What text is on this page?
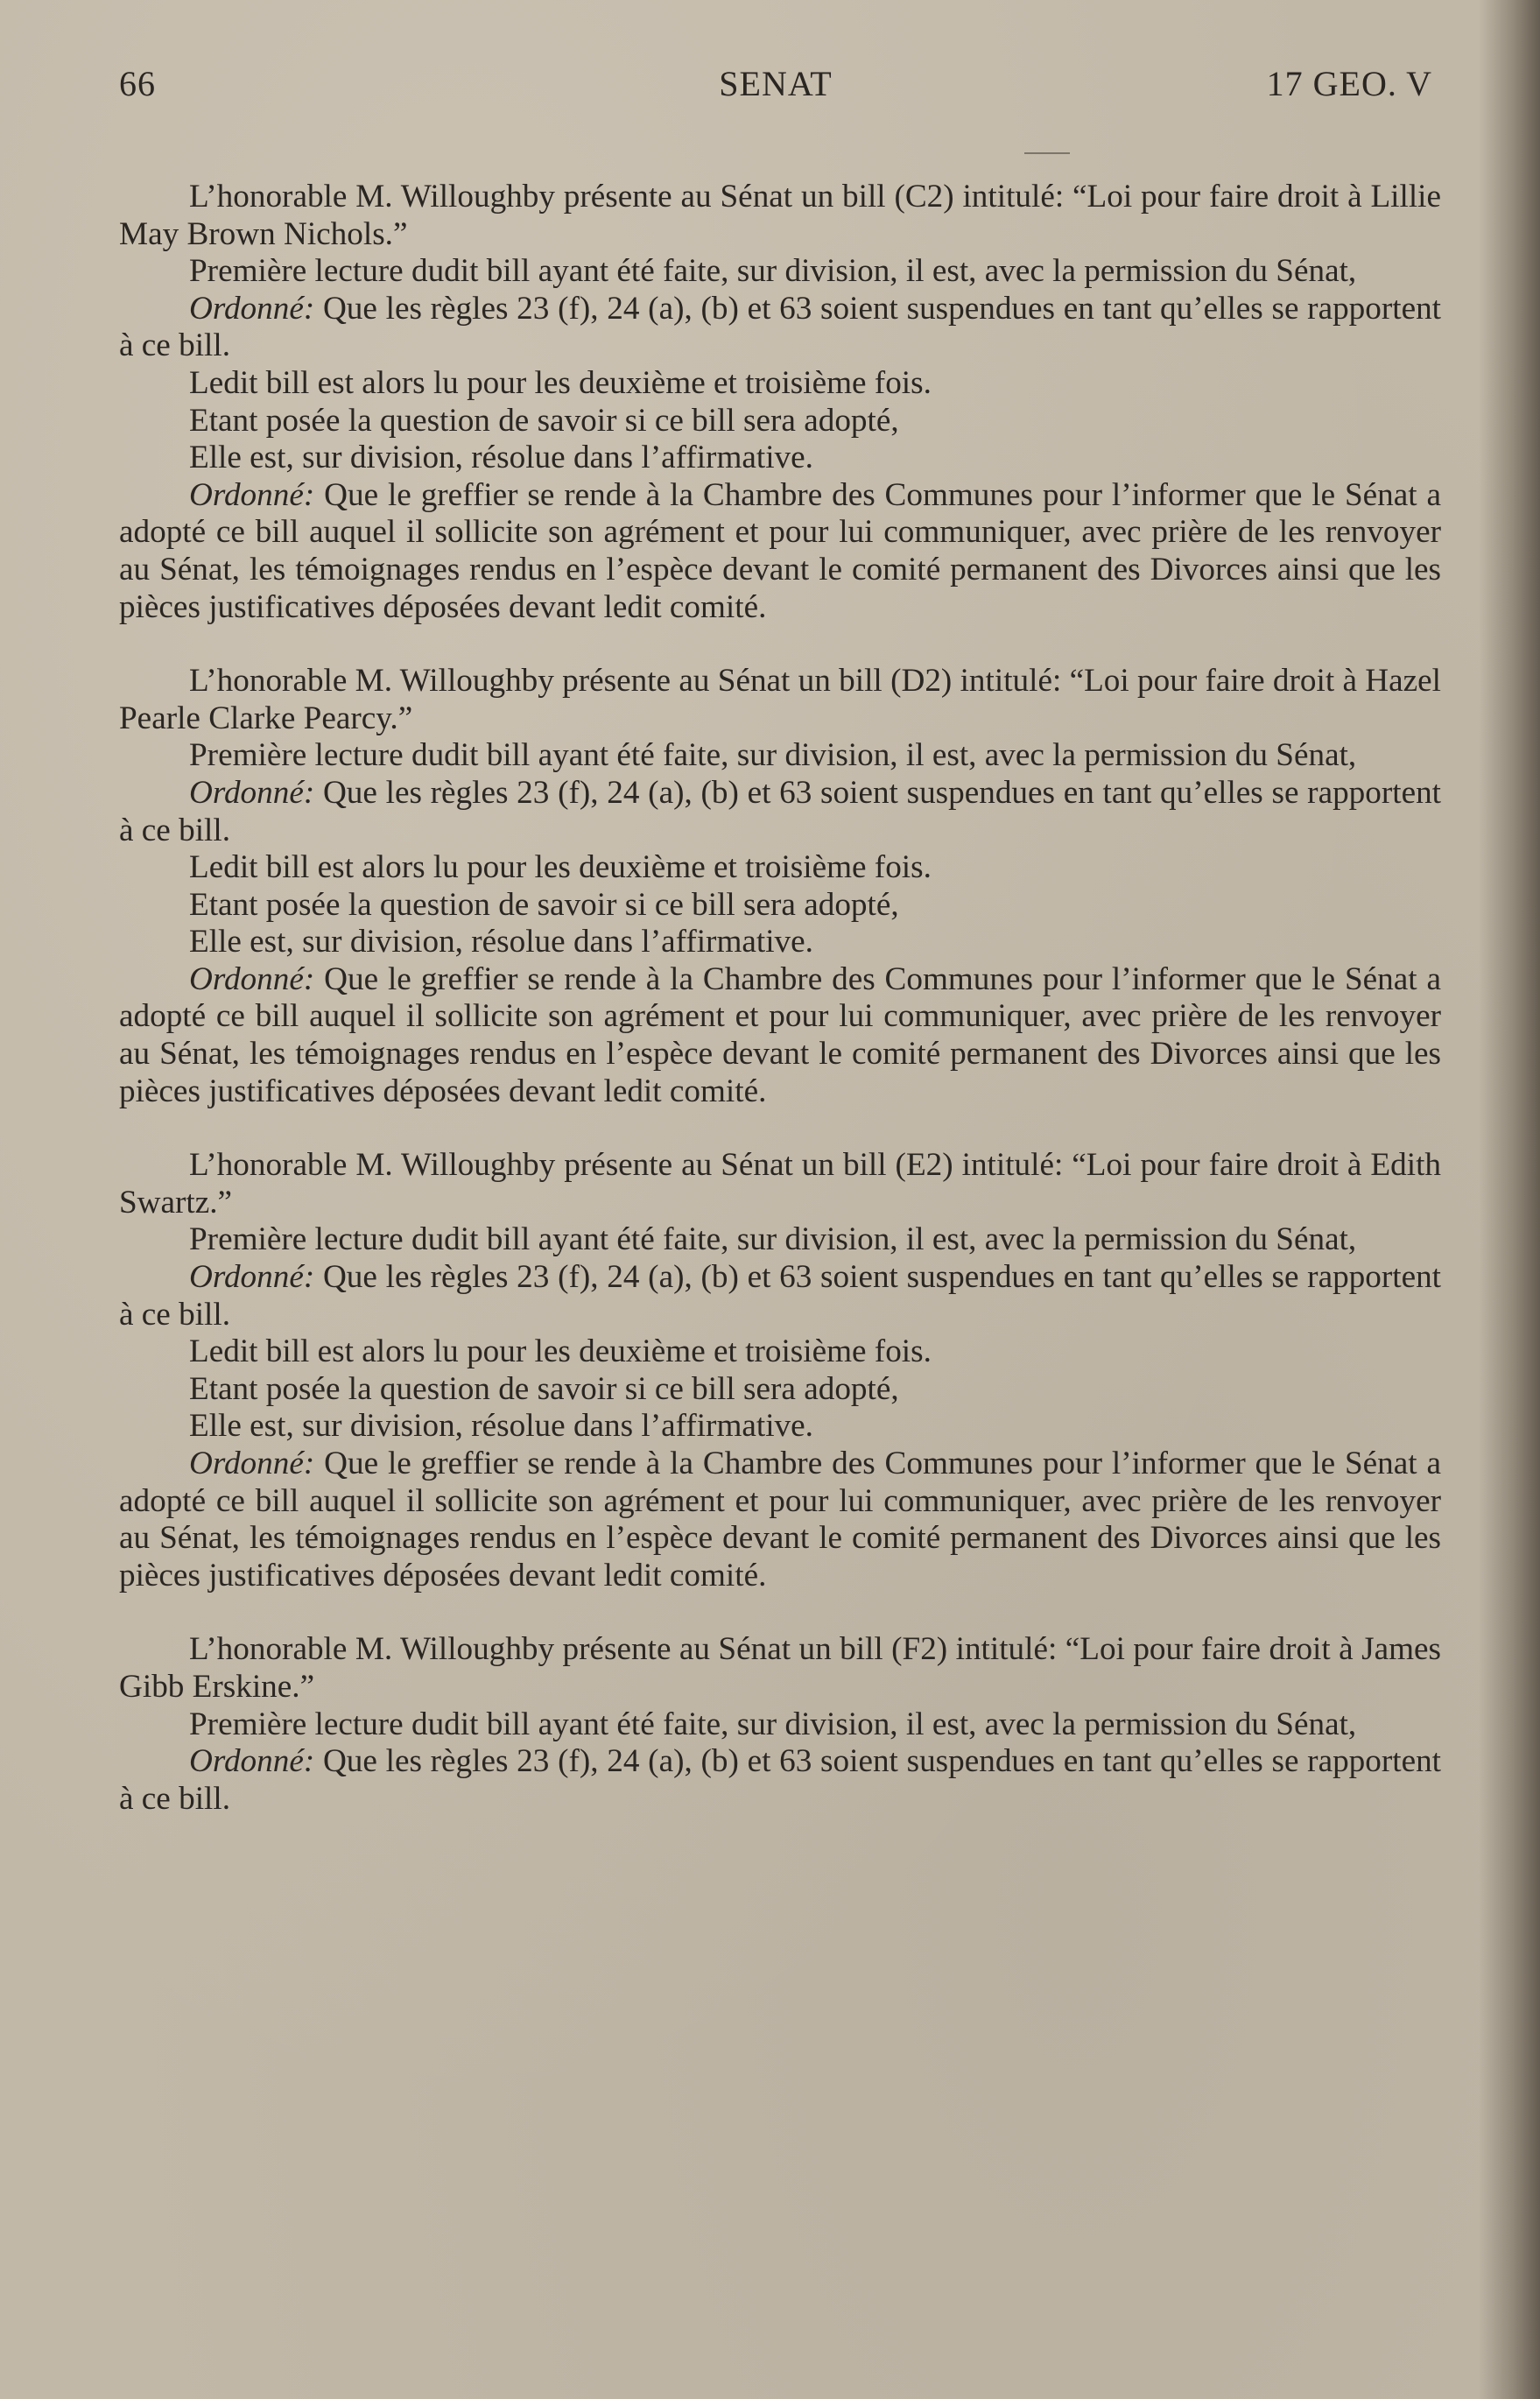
66	SENAT	17 GEO. V

L’honorable M. Willoughby présente au Sénat un bill (C2) intitulé: “Loi pour faire droit à Lillie May Brown Nichols.”

Première lecture dudit bill ayant été faite, sur division, il est, avec la permission du Sénat,

Ordonné: Que les règles 23 (f), 24 (a), (b) et 63 soient suspendues en tant qu’elles se rapportent à ce bill.

Ledit bill est alors lu pour les deuxième et troisième fois.

Etant posée la question de savoir si ce bill sera adopté,

Elle est, sur division, résolue dans l’affirmative.

Ordonné: Que le greffier se rende à la Chambre des Communes pour l’informer que le Sénat a adopté ce bill auquel il sollicite son agrément et pour lui communiquer, avec prière de les renvoyer au Sénat, les témoignages rendus en l’espèce devant le comité permanent des Divorces ainsi que les pièces justificatives déposées devant ledit comité.

L’honorable M. Willoughby présente au Sénat un bill (D2) intitulé: “Loi pour faire droit à Hazel Pearle Clarke Pearcy.”

Première lecture dudit bill ayant été faite, sur division, il est, avec la permission du Sénat,

Ordonné: Que les règles 23 (f), 24 (a), (b) et 63 soient suspendues en tant qu’elles se rapportent à ce bill.

Ledit bill est alors lu pour les deuxième et troisième fois.

Etant posée la question de savoir si ce bill sera adopté,

Elle est, sur division, résolue dans l’affirmative.

Ordonné: Que le greffier se rende à la Chambre des Communes pour l’informer que le Sénat a adopté ce bill auquel il sollicite son agrément et pour lui communiquer, avec prière de les renvoyer au Sénat, les témoignages rendus en l’espèce devant le comité permanent des Divorces ainsi que les pièces justificatives déposées devant ledit comité.

L’honorable M. Willoughby présente au Sénat un bill (E2) intitulé: “Loi pour faire droit à Edith Swartz.”

Première lecture dudit bill ayant été faite, sur division, il est, avec la permission du Sénat,

Ordonné: Que les règles 23 (f), 24 (a), (b) et 63 soient suspendues en tant qu’elles se rapportent à ce bill.

Ledit bill est alors lu pour les deuxième et troisième fois.

Etant posée la question de savoir si ce bill sera adopté,

Elle est, sur division, résolue dans l’affirmative.

Ordonné: Que le greffier se rende à la Chambre des Communes pour l’informer que le Sénat a adopté ce bill auquel il sollicite son agrément et pour lui communiquer, avec prière de les renvoyer au Sénat, les témoignages rendus en l’espèce devant le comité permanent des Divorces ainsi que les pièces justificatives déposées devant ledit comité.

L’honorable M. Willoughby présente au Sénat un bill (F2) intitulé: “Loi pour faire droit à James Gibb Erskine.”

Première lecture dudit bill ayant été faite, sur division, il est, avec la permission du Sénat,

Ordonné: Que les règles 23 (f), 24 (a), (b) et 63 soient suspendues en tant qu’elles se rapportent à ce bill.
